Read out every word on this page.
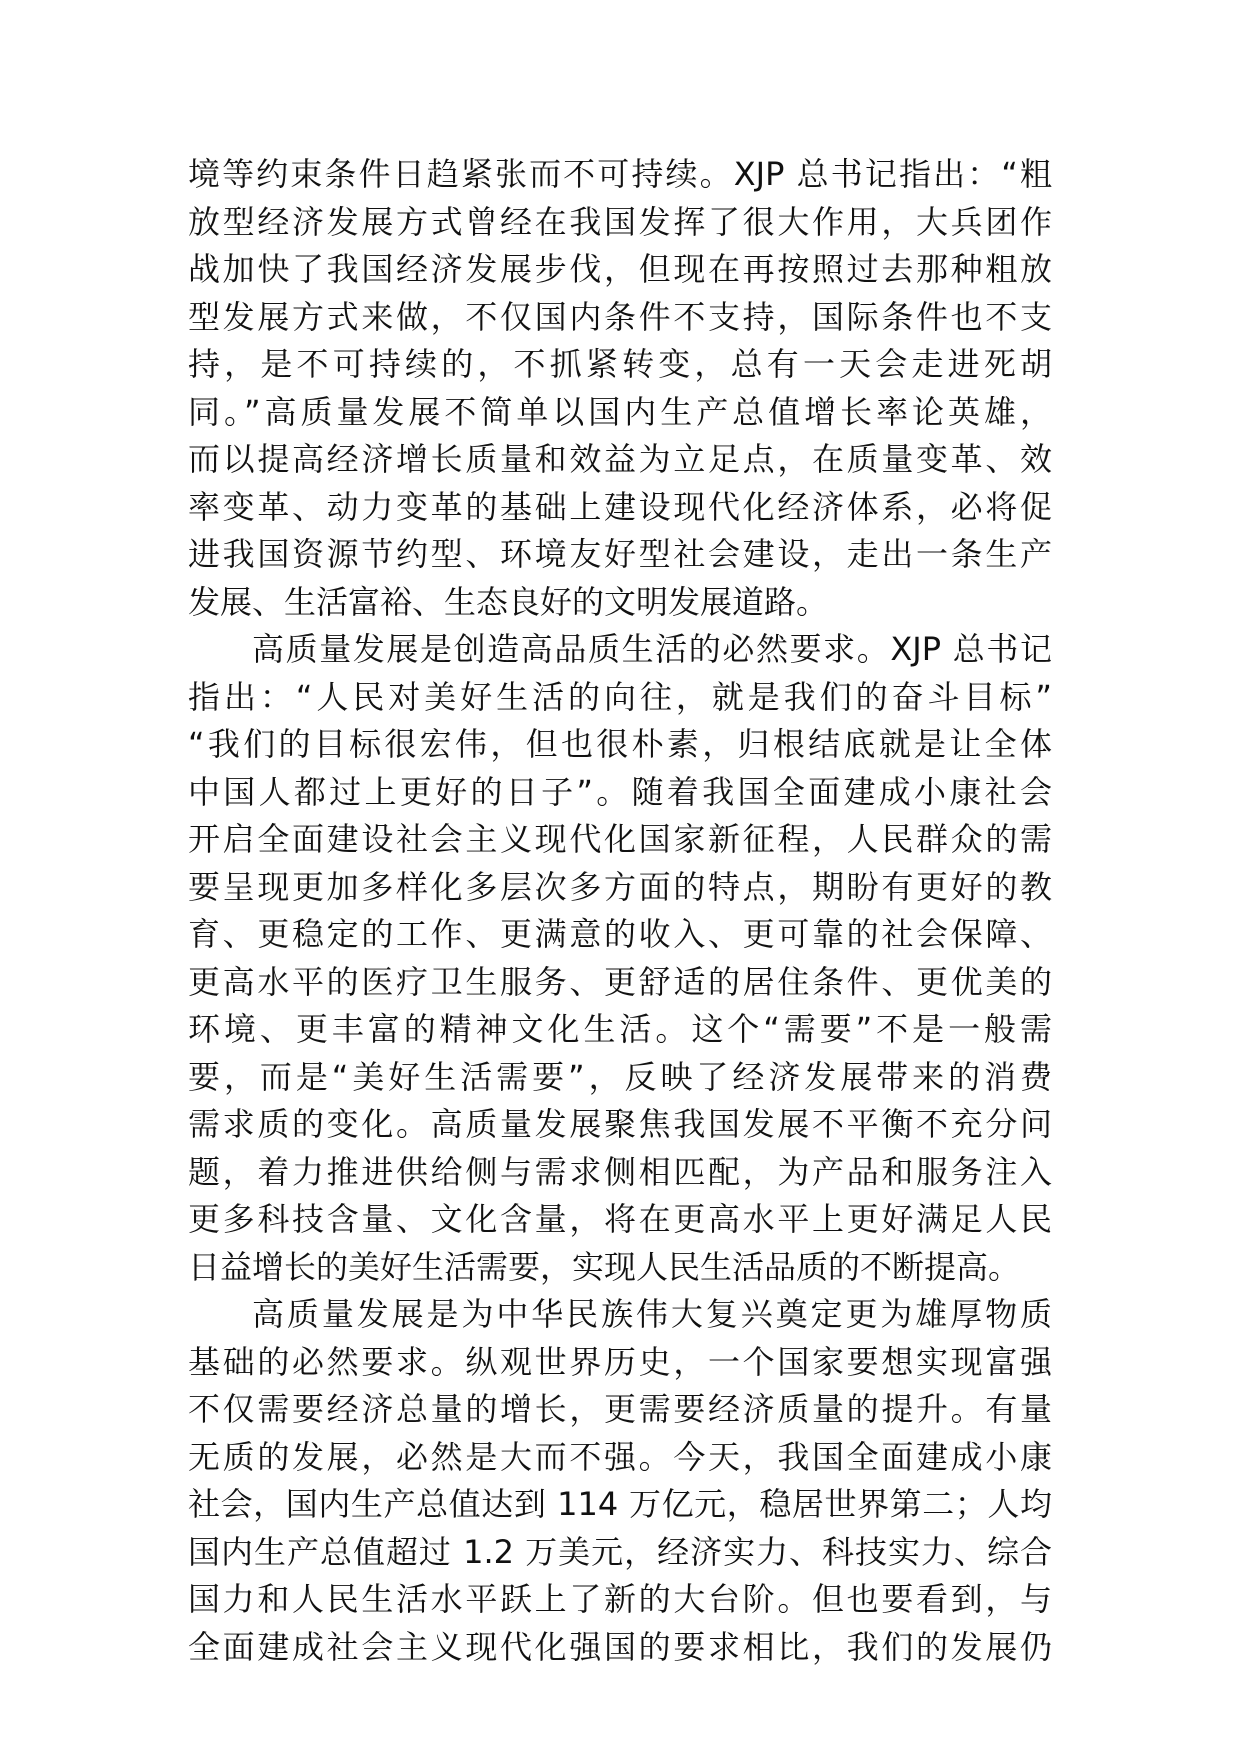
境等约束条件日趋紧张而不可持续。XJP 总书记指出：“粗
放型经济发展方式曾经在我国发挥了很大作用，大兵团作
战加快了我国经济发展步伐，但现在再按照过去那种粗放
型发展方式来做，不仅国内条件不支持，国际条件也不支
持，是不可持续的，不抓紧转变，总有一天会走进死胡
同。”高质量发展不简单以国内生产总值增长率论英雄，
而以提高经济增长质量和效益为立足点，在质量变革、效
率变革、动力变革的基础上建设现代化经济体系，必将促
进我国资源节约型、环境友好型社会建设，走出一条生产
发展、生活富裕、生态良好的文明发展道路。
高质量发展是创造高品质生活的必然要求。XJP 总书记
指出：“人民对美好生活的向往，就是我们的奋斗目标”
“我们的目标很宏伟，但也很朴素，归根结底就是让全体
中国人都过上更好的日子”。随着我国全面建成小康社会
开启全面建设社会主义现代化国家新征程，人民群众的需
要呈现更加多样化多层次多方面的特点，期盼有更好的教
育、更稳定的工作、更满意的收入、更可靠的社会保障、
更高水平的医疗卫生服务、更舒适的居住条件、更优美的
环境、更丰富的精神文化生活。这个“需要”不是一般需
要，而是“美好生活需要”，反映了经济发展带来的消费
需求质的变化。高质量发展聚焦我国发展不平衡不充分问
题，着力推进供给侧与需求侧相匹配，为产品和服务注入
更多科技含量、文化含量，将在更高水平上更好满足人民
日益增长的美好生活需要，实现人民生活品质的不断提高。
高质量发展是为中华民族伟大复兴奠定更为雄厚物质
基础的必然要求。纵观世界历史，一个国家要想实现富强
不仅需要经济总量的增长，更需要经济质量的提升。有量
无质的发展，必然是大而不强。今天，我国全面建成小康
社会，国内生产总值达到 114 万亿元，稳居世界第二；人均
国内生产总值超过 1.2 万美元，经济实力、科技实力、综合
国力和人民生活水平跃上了新的大台阶。但也要看到，与
全面建成社会主义现代化强国的要求相比，我们的发展仍
